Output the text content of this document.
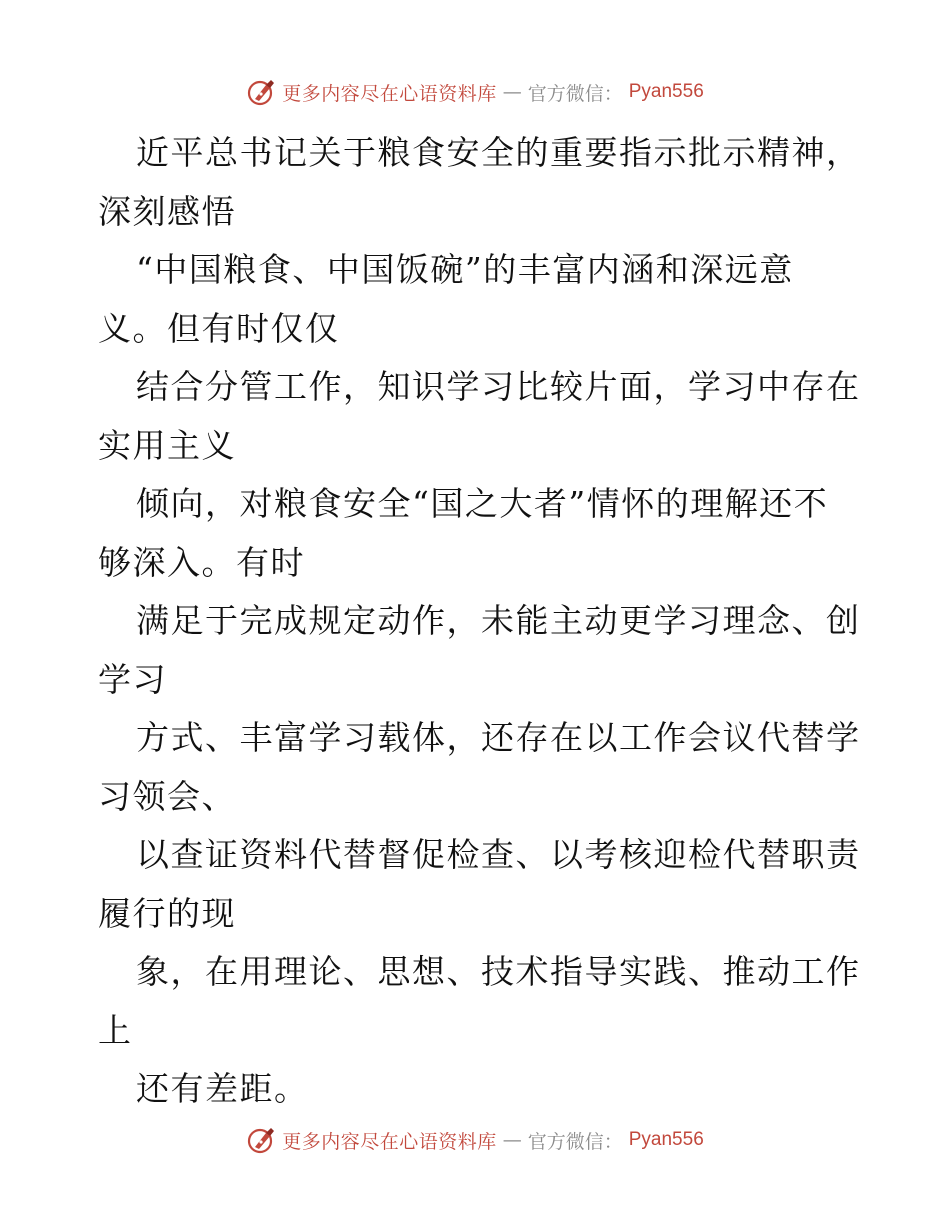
更多内容尽在心语资料库 — 官方微信： Pyan556
近平总书记关于粮食安全的重要指示批示精神，
深刻感悟
“中国粮食、中国饭碗”的丰富内涵和深远意
义。但有时仅仅
结合分管工作，知识学习比较片面，学习中存在
实用主义
倾向，对粮食安全“国之大者”情怀的理解还不
够深入。有时
满足于完成规定动作，未能主动更学习理念、创
学习
方式、丰富学习载体，还存在以工作会议代替学
习领会、
以查证资料代替督促检查、以考核迎检代替职责
履行的现
象，在用理论、思想、技术指导实践、推动工作
上
还有差距。
更多内容尽在心语资料库 — 官方微信： Pyan556
